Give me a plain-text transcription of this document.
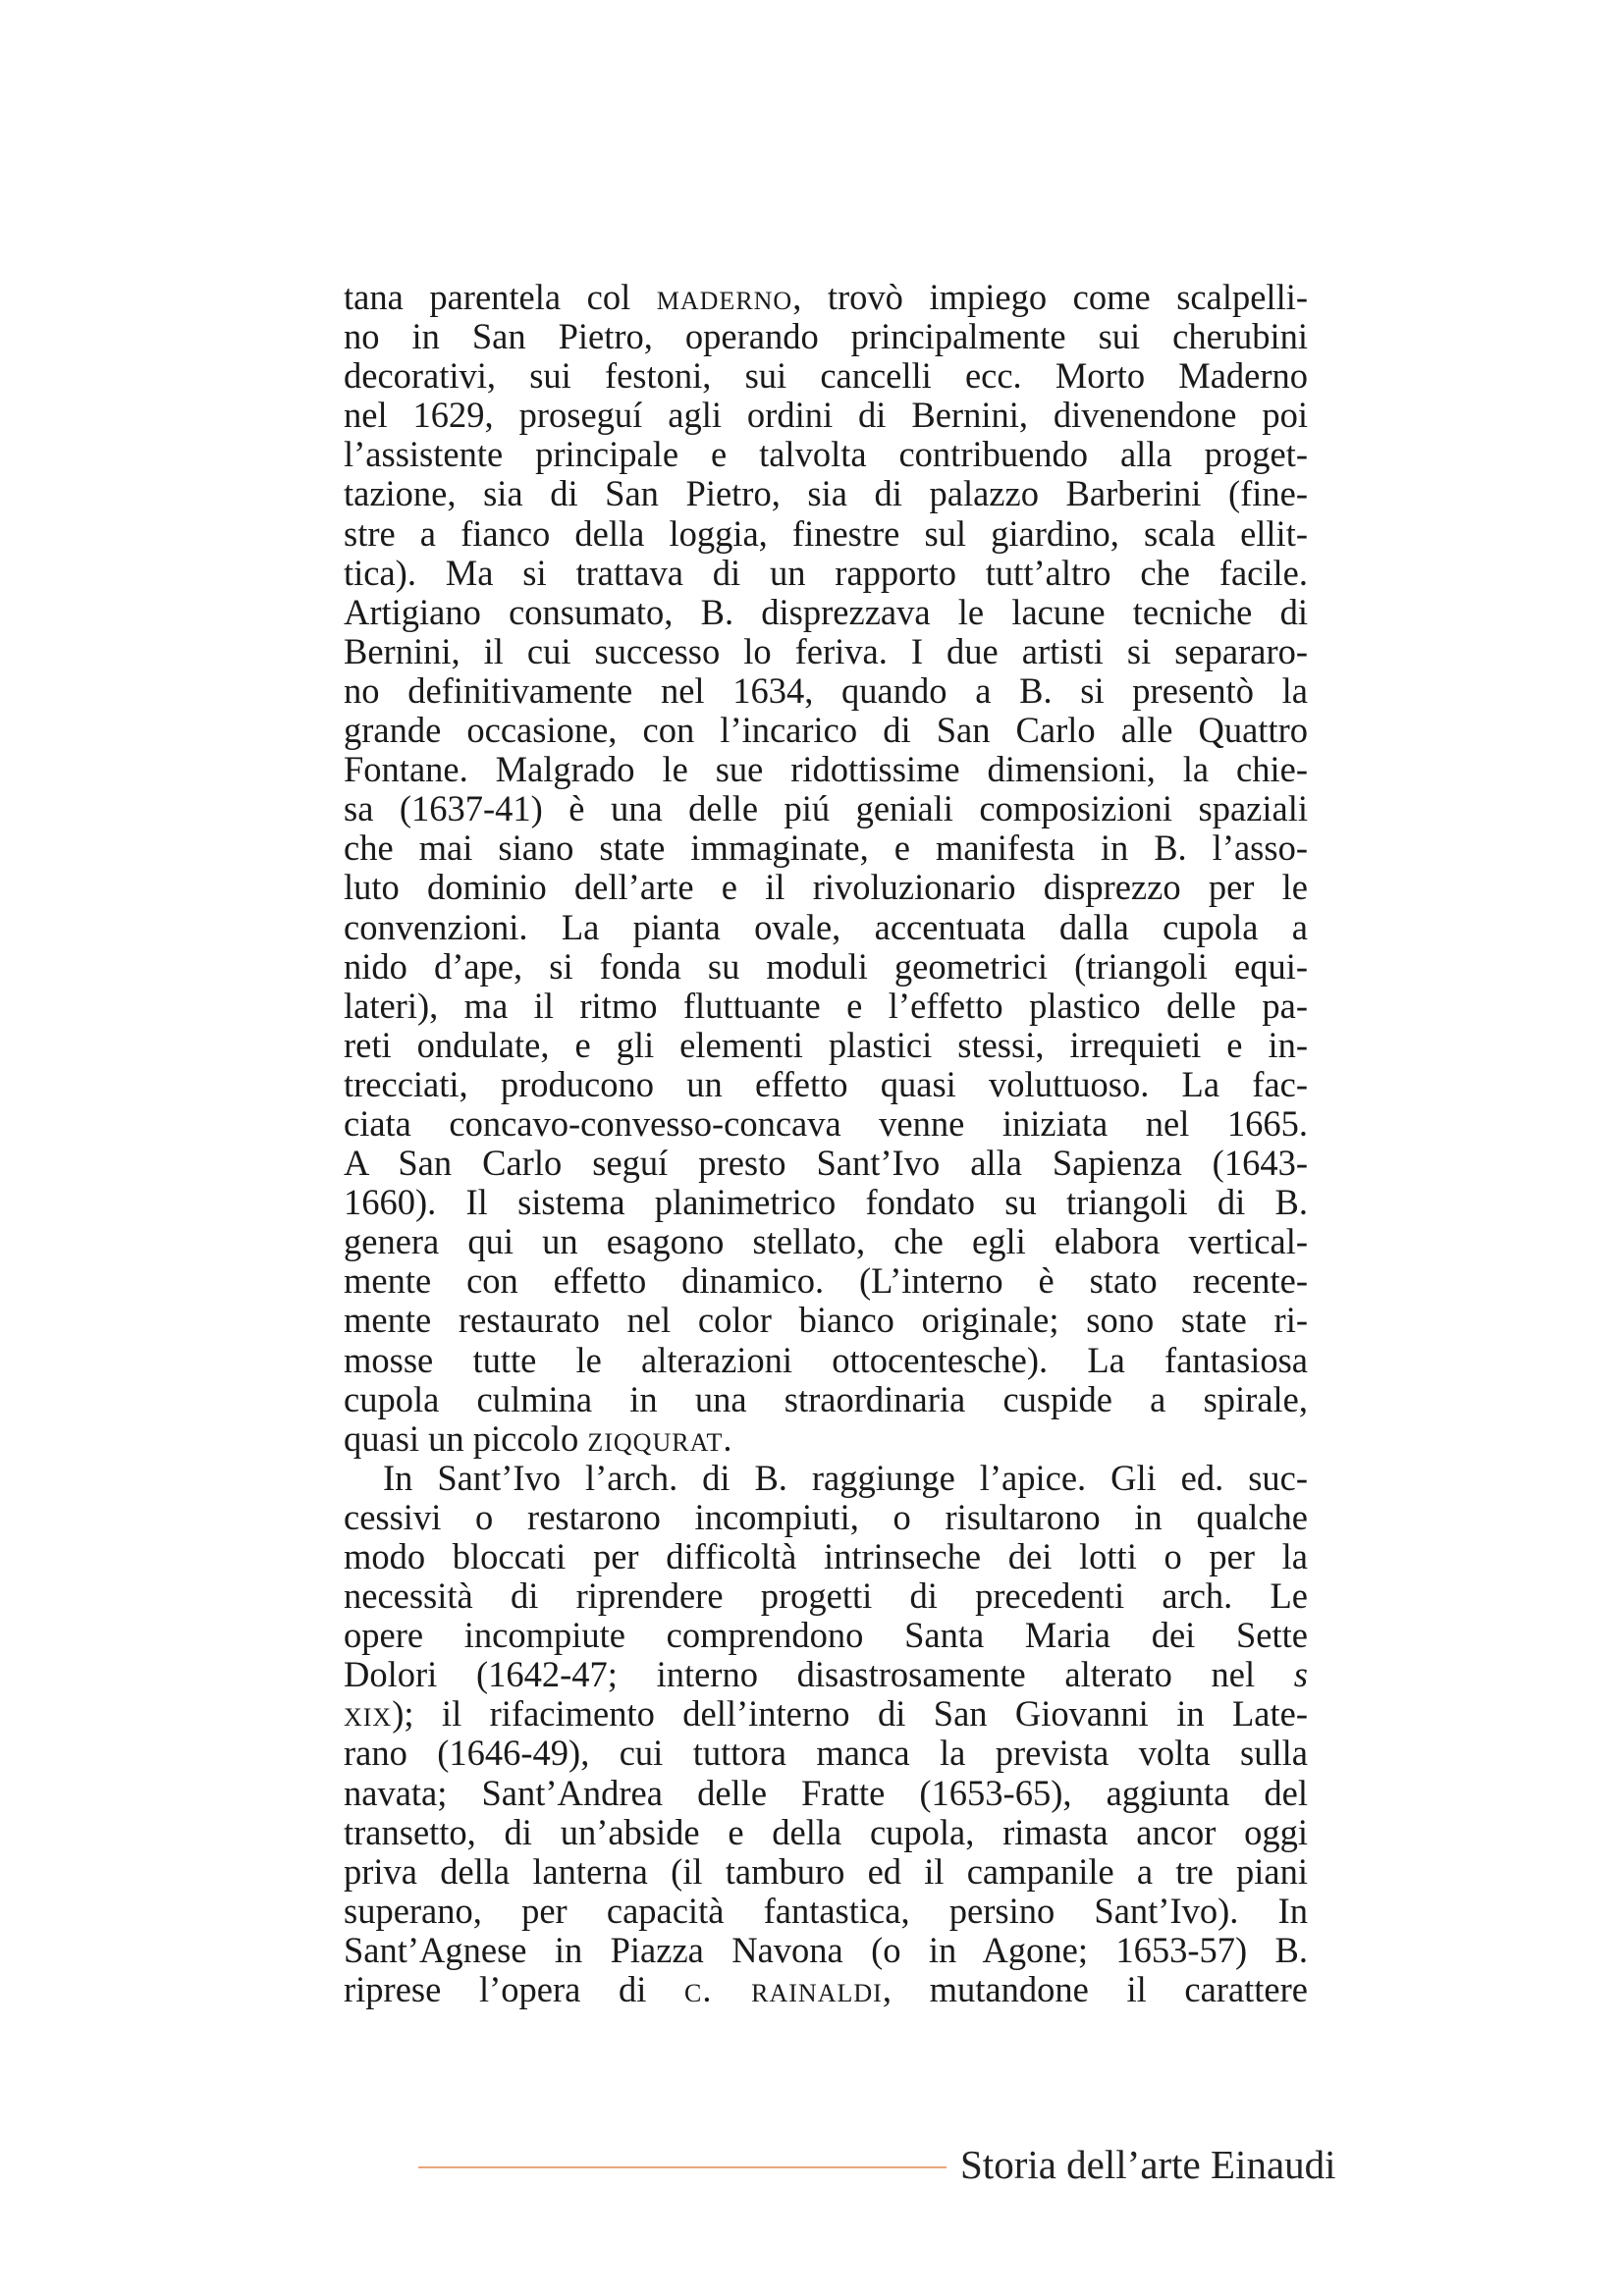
tana parentela col maderno, trovò impiego come scalpelli-
no in San Pietro, operando principalmente sui cherubini
decorativi, sui festoni, sui cancelli ecc. Morto Maderno
nel 1629, proseguí agli ordini di Bernini, divenendone poi
l’assistente principale e talvolta contribuendo alla proget-
tazione, sia di San Pietro, sia di palazzo Barberini (fine-
stre a fianco della loggia, finestre sul giardino, scala ellit-
tica). Ma si trattava di un rapporto tutt’altro che facile.
Artigiano consumato, B. disprezzava le lacune tecniche di
Bernini, il cui successo lo feriva. I due artisti si separaro-
no definitivamente nel 1634, quando a B. si presentò la
grande occasione, con l’incarico di San Carlo alle Quattro
Fontane. Malgrado le sue ridottissime dimensioni, la chie-
sa (1637-41) è una delle piú geniali composizioni spaziali
che mai siano state immaginate, e manifesta in B. l’asso-
luto dominio dell’arte e il rivoluzionario disprezzo per le
convenzioni. La pianta ovale, accentuata dalla cupola a
nido d’ape, si fonda su moduli geometrici (triangoli equi-
lateri), ma il ritmo fluttuante e l’effetto plastico delle pa-
reti ondulate, e gli elementi plastici stessi, irrequieti e in-
trecciati, producono un effetto quasi voluttuoso. La fac-
ciata concavo-convesso-concava venne iniziata nel 1665.
A San Carlo seguí presto Sant’Ivo alla Sapienza (1643-
1660). Il sistema planimetrico fondato su triangoli di B.
genera qui un esagono stellato, che egli elabora vertical-
mente con effetto dinamico. (L’interno è stato recente-
mente restaurato nel color bianco originale; sono state ri-
mosse tutte le alterazioni ottocentesche). La fantasiosa
cupola culmina in una straordinaria cuspide a spirale,
quasi un piccolo ziqqurat.
In Sant’Ivo l’arch. di B. raggiunge l’apice. Gli ed. suc-
cessivi o restarono incompiuti, o risultarono in qualche
modo bloccati per difficoltà intrinseche dei lotti o per la
necessità di riprendere progetti di precedenti arch. Le
opere incompiute comprendono Santa Maria dei Sette
Dolori (1642-47; interno disastrosamente alterato nel s
xix); il rifacimento dell’interno di San Giovanni in Late-
rano (1646-49), cui tuttora manca la prevista volta sulla
navata; Sant’Andrea delle Fratte (1653-65), aggiunta del
transetto, di un’abside e della cupola, rimasta ancor oggi
priva della lanterna (il tamburo ed il campanile a tre piani
superano, per capacità fantastica, persino Sant’Ivo). In
Sant’Agnese in Piazza Navona (o in Agone; 1653-57) B.
riprese l’opera di c. rainaldi, mutandone il carattere
Storia dell’arte Einaudi
